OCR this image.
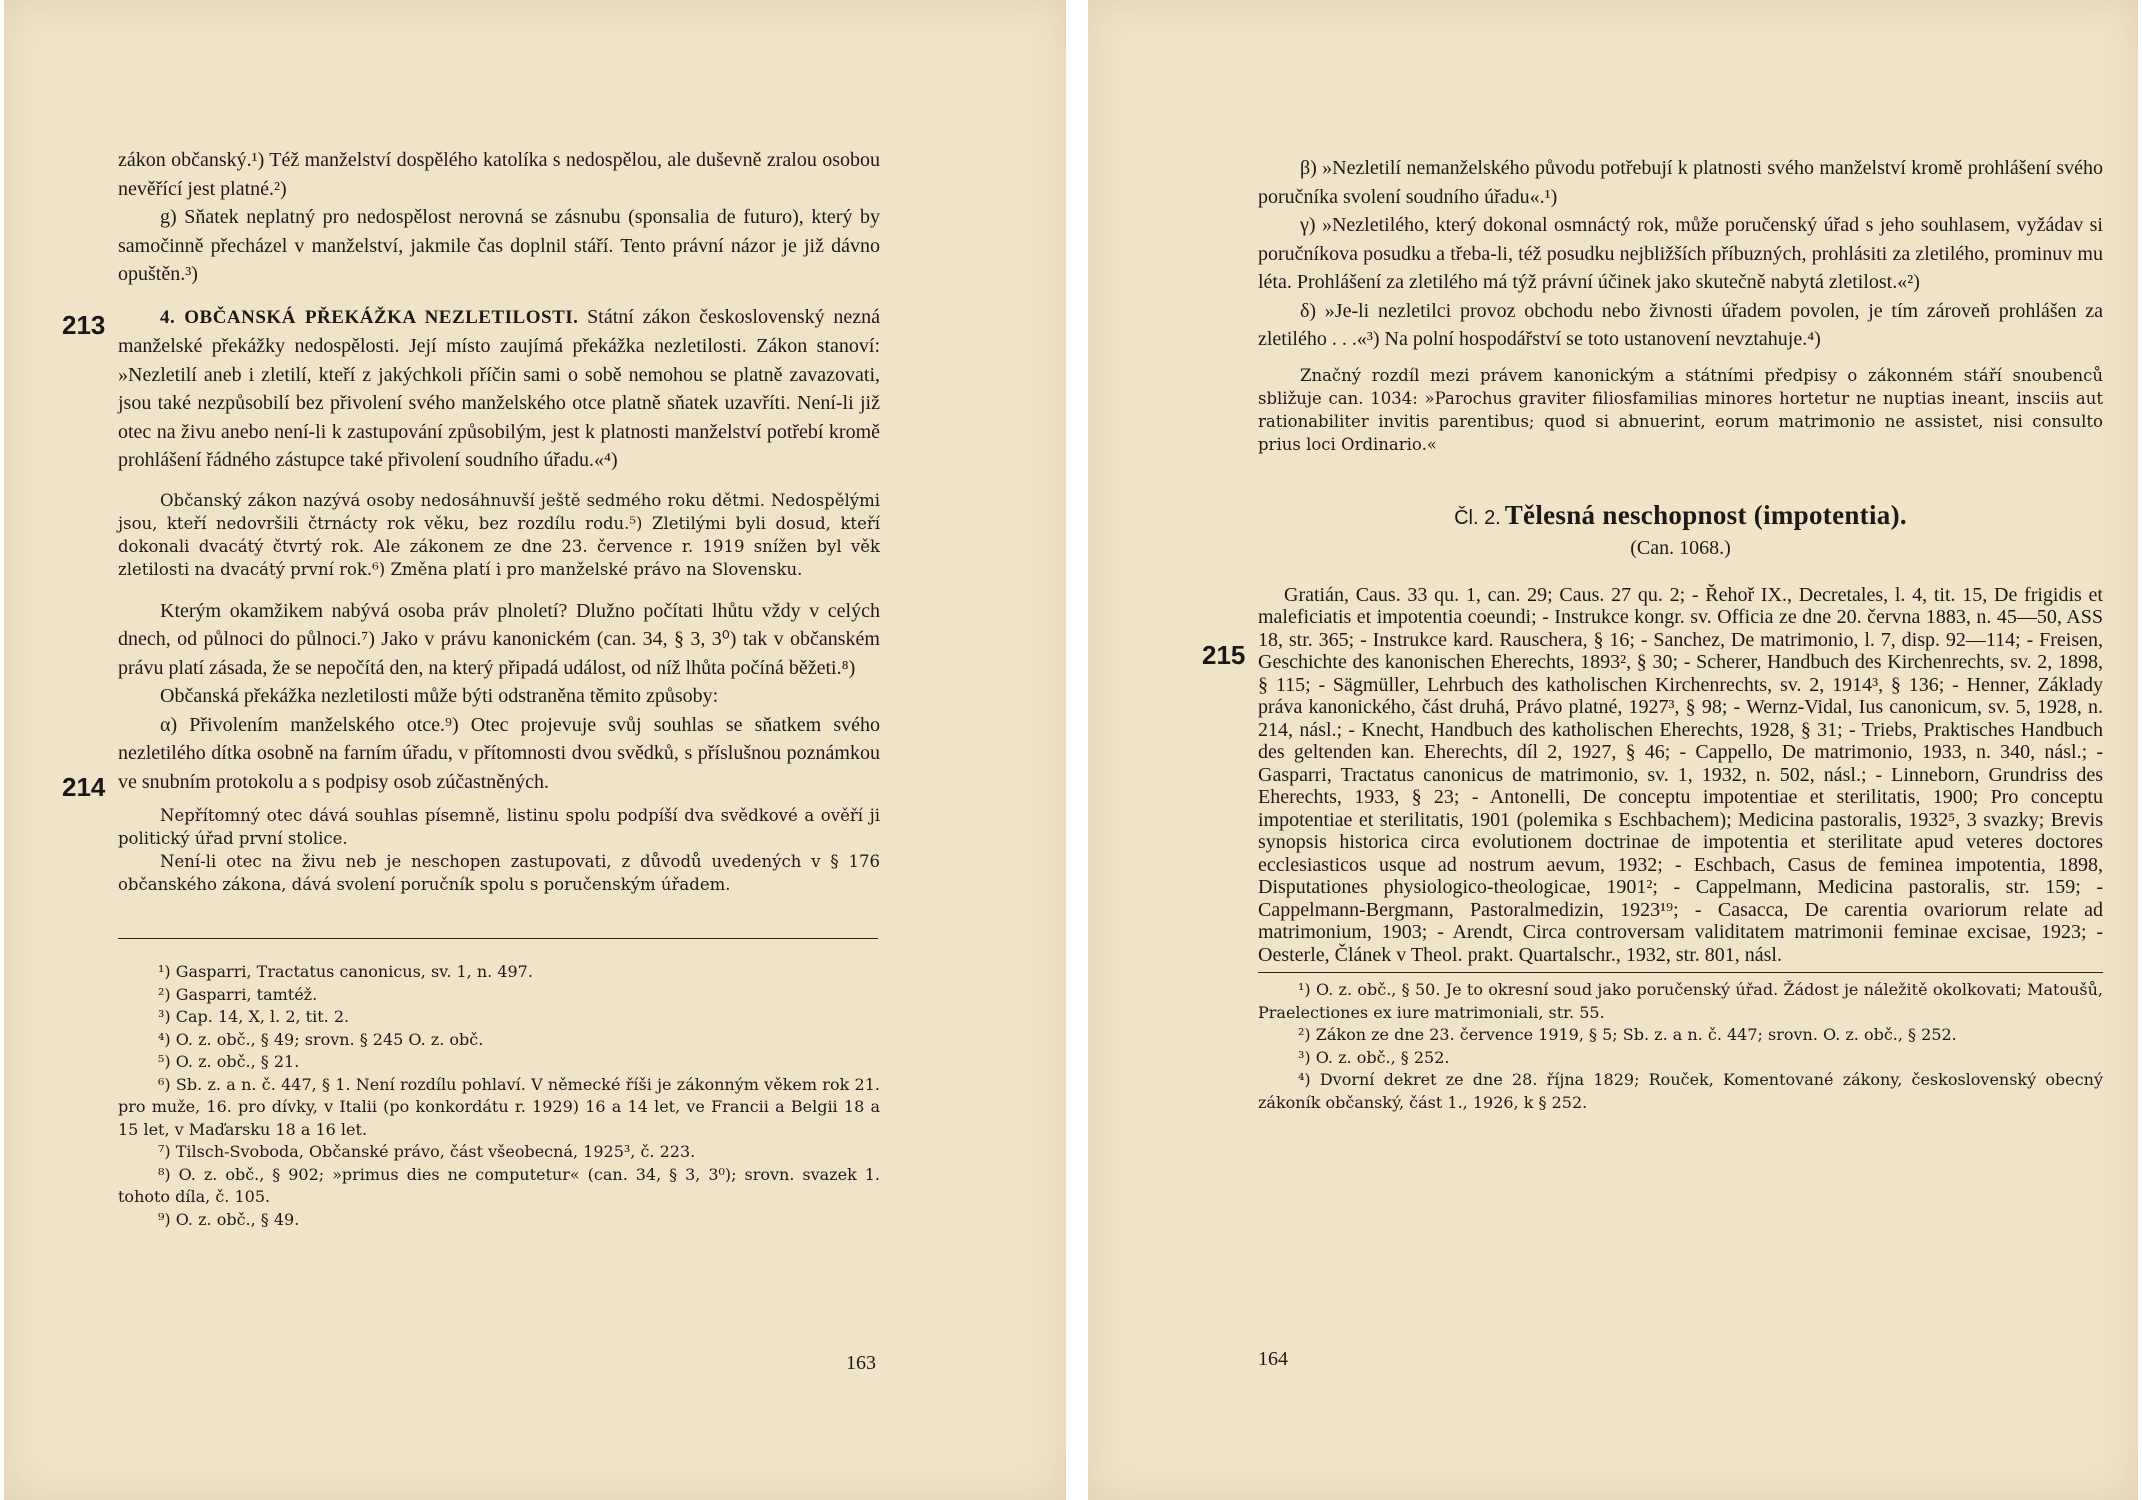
zákon občanský.¹) Též manželství dospělého katolíka s nedospělou, ale duševně zralou osobou nevěřící jest platné.²)

g) Sňatek neplatný pro nedospělost nerovná se zásnubu (sponsalia de futuro), který by samočinně přecházel v manželství, jakmile čas doplnil stáří. Tento právní názor je již dávno opuštěn.³)

4. OBČANSKÁ PŘEKÁŽKA NEZLETILOSTI. Státní zákon československý nezná manželské překážky nedospělosti. Její místo zaujímá překážka nezletilosti. Zákon stanoví: »Nezletilí aneb i zletilí, kteří z jakýchkoli příčin sami o sobě nemohou se platně zavazovati, jsou také nezpůsobilí bez přivolení svého manželského otce platně sňatek uzavříti. Není-li již otec na živu anebo není-li k zastupování způsobilým, jest k platnosti manželství potřebí kromě prohlášení řádného zástupce také přivolení soudního úřadu.«⁴)

Občanský zákon nazývá osoby nedosáhnuvší ještě sedmého roku dětmi. Nedospělými jsou, kteří nedovršili čtrnácty rok věku, bez rozdílu rodu.⁵) Zletilými byli dosud, kteří dokonali dvacátý čtvrtý rok. Ale zákonem ze dne 23. července r. 1919 snížen byl věk zletilosti na dvacátý první rok.⁶) Změna platí i pro manželské právo na Slovensku.

Kterým okamžikem nabývá osoba práv plnoletí? Dlužno počítati lhůtu vždy v celých dnech, od půlnoci do půlnoci.⁷) Jako v právu kanonickém (can. 34, § 3, 3⁰) tak v občanském právu platí zásada, že se nepočítá den, na který připadá událost, od níž lhůta počíná běžeti.⁸)

Občanská překážka nezletilosti může býti odstraněna těmito způsoby:

α) Přivolením manželského otce.⁹) Otec projevuje svůj souhlas se sňatkem svého nezletilého dítka osobně na farním úřadu, v přítomnosti dvou svědků, s příslušnou poznámkou ve snubním protokolu a s podpisy osob zúčastněných.

Nepřítomný otec dává souhlas písemně, listinu spolu podpíší dva svědkové a ověří ji politický úřad první stolice.

Není-li otec na živu neb je neschopen zastupovati, z důvodů uvedených v § 176 občanského zákona, dává svolení poručník spolu s poručenským úřadem.

¹) Gasparri, Tractatus canonicus, sv. 1, n. 497.

²) Gasparri, tamtéž.

³) Cap. 14, X, l. 2, tit. 2.

⁴) O. z. obč., § 49; srovn. § 245 O. z. obč.

⁵) O. z. obč., § 21.

⁶) Sb. z. a n. č. 447, § 1. Není rozdílu pohlaví. V německé říši je zákonným věkem rok 21. pro muže, 16. pro dívky, v Italii (po konkordátu r. 1929) 16 a 14 let, ve Francii a Belgii 18 a 15 let, v Maďarsku 18 a 16 let.

⁷) Tilsch-Svoboda, Občanské právo, část všeobecná, 1925³, č. 223.

⁸) O. z. obč., § 902; »primus dies ne computetur« (can. 34, § 3, 3⁰); srovn. svazek 1. tohoto díla, č. 105.

⁹) O. z. obč., § 49.

213
214
163

β) »Nezletilí nemanželského původu potřebují k platnosti svého manželství kromě prohlášení svého poručníka svolení soudního úřadu«.¹)

γ) »Nezletilého, který dokonal osmnáctý rok, může poručenský úřad s jeho souhlasem, vyžádav si poručníkova posudku a třeba-li, též posudku nejbližších příbuzných, prohlásiti za zletilého, prominuv mu léta. Prohlášení za zletilého má týž právní účinek jako skutečně nabytá zletilost.«²)

δ) »Je-li nezletilci provoz obchodu nebo živnosti úřadem povolen, je tím zároveň prohlášen za zletilého . . .«³) Na polní hospodářství se toto ustanovení nevztahuje.⁴)

Značný rozdíl mezi právem kanonickým a státními předpisy o zákonném stáří snoubenců sbližuje can. 1034: »Parochus graviter filiosfamilias minores hortetur ne nuptias ineant, insciis aut rationabiliter invitis parentibus; quod si abnuerint, eorum matrimonio ne assistet, nisi consulto prius loci Ordinario.«

Čl. 2. Tělesná neschopnost (impotentia).
(Can. 1068.)

Gratián, Caus. 33 qu. 1, can. 29; Caus. 27 qu. 2; - Řehoř IX., Decretales, l. 4, tit. 15, De frigidis et maleficiatis et impotentia coeundi; - Instrukce kongr. sv. Officia ze dne 20. června 1883, n. 45—50, ASS 18, str. 365; - Instrukce kard. Rauschera, § 16; - Sanchez, De matrimonio, l. 7, disp. 92—114; - Freisen, Geschichte des kanonischen Eherechts, 1893², § 30; - Scherer, Handbuch des Kirchenrechts, sv. 2, 1898, § 115; - Sägmüller, Lehrbuch des katholischen Kirchenrechts, sv. 2, 1914³, § 136; - Henner, Základy práva kanonického, část druhá, Právo platné, 1927³, § 98; - Wernz-Vidal, Ius canonicum, sv. 5, 1928, n. 214, násl.; - Knecht, Handbuch des katholischen Eherechts, 1928, § 31; - Triebs, Praktisches Handbuch des geltenden kan. Eherechts, díl 2, 1927, § 46; - Cappello, De matrimonio, 1933, n. 340, násl.; - Gasparri, Tractatus canonicus de matrimonio, sv. 1, 1932, n. 502, násl.; - Linneborn, Grundriss des Eherechts, 1933, § 23; - Antonelli, De conceptu impotentiae et sterilitatis, 1900; Pro conceptu impotentiae et sterilitatis, 1901 (polemika s Eschbachem); Medicina pastoralis, 1932⁵, 3 svazky; Brevis synopsis historica circa evolutionem doctrinae de impotentia et sterilitate apud veteres doctores ecclesiasticos usque ad nostrum aevum, 1932; - Eschbach, Casus de feminea impotentia, 1898, Disputationes physiologico-theologicae, 1901²; - Cappelmann, Medicina pastoralis, str. 159; - Cappelmann-Bergmann, Pastoralmedizin, 1923¹⁹; - Casacca, De carentia ovariorum relate ad matrimonium, 1903; - Arendt, Circa controversam validitatem matrimonii feminae excisae, 1923; - Oesterle, Článek v Theol. prakt. Quartalschr., 1932, str. 801, násl.

¹) O. z. obč., § 50. Je to okresní soud jako poručenský úřad. Žádost je náležitě okolkovati; Matoušů, Praelectiones ex iure matrimoniali, str. 55.

²) Zákon ze dne 23. července 1919, § 5; Sb. z. a n. č. 447; srovn. O. z. obč., § 252.

³) O. z. obč., § 252.

⁴) Dvorní dekret ze dne 28. října 1829; Rouček, Komentované zákony, československý obecný zákoník občanský, část 1., 1926, k § 252.

215
164
